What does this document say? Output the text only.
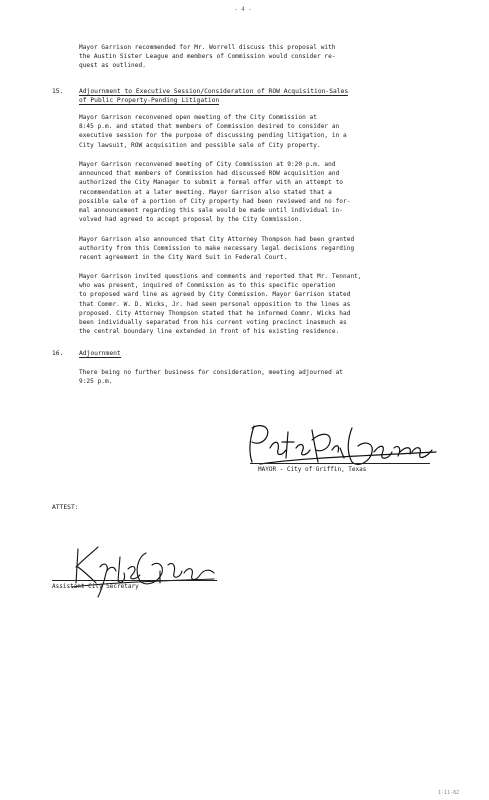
- 4 -
Mayor Garrison recommended for Mr. Worrell discuss this proposal with
the Austin Sister League and members of Commission would consider re-
quest as outlined.
15. Adjournment to Executive Session/Consideration of ROW Acquisition-Sales
of Public Property-Pending Litigation
Mayor Garrison reconvened open meeting of the City Commission at
8:45 p.m. and stated that members of Commission desired to consider an
executive session for the purpose of discussing pending litigation, in a
City lawsuit, ROW acquisition and possible sale of City property.
Mayor Garrison reconvened meeting of City Commission at 9:20 p.m. and
announced that members of Commission had discussed ROW acquisition and
authorized the City Manager to submit a formal offer with an attempt to
recommendation at a later meeting. Mayor Garrison also stated that a
possible sale of a portion of City property had been reviewed and no for-
mal announcement regarding this sale would be made until individual in-
volved had agreed to accept proposal by the City Commission.
Mayor Garrison also announced that City Attorney Thompson had been granted
authority from this Commission to make necessary legal decisions regarding
recent agreement in the City Ward Suit in Federal Court.
Mayor Garrison invited questions and comments and reported that Mr. Tennant,
who was present, inquired of Commission as to this specific operation
to proposed ward line as agreed by City Commission. Mayor Garrison stated
that Commr. W. D. Wicks, Jr. had seen personal opposition to the lines as
proposed. City Attorney Thompson stated that he informed Commr. Wicks had
been individually separated from his current voting precinct inasmuch as
the central boundary line extended in front of his existing residence.
16. Adjournment
There being no further business for consideration, meeting adjourned at
9:25 p.m.
MAYOR - City of Griffin, Texas
ATTEST:
Assistant City Secretary
1-11-82
